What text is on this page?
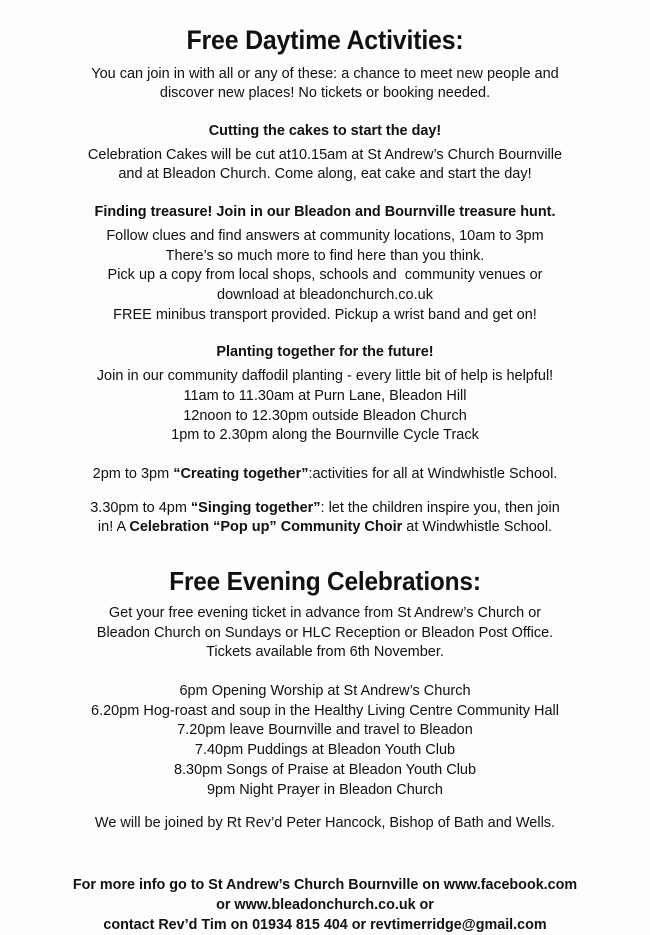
Free Daytime Activities:

You can join in with all or any of these: a chance to meet new people and

discover new places! No tickets or booking needed.

Cutting the cakes to start the day!

Celebration Cakes will be cut at10.15am at St Andrew’s Church Bournville

and at Bleadon Church. Come along, eat cake and start the day!

Finding treasure! Join in our Bleadon and Bournville treasure hunt.

Follow clues and find answers at community locations, 10am to 3pm

There’s so much more to find here than you think.

Pick up a copy from local shops, schools and  community venues or

download at bleadonchurch.co.uk

FREE minibus transport provided. Pickup a wrist band and get on!

Planting together for the future!

Join in our community daffodil planting - every little bit of help is helpful!

11am to 11.30am at Purn Lane, Bleadon Hill

12noon to 12.30pm outside Bleadon Church

1pm to 2.30pm along the Bournville Cycle Track

2pm to 3pm “Creating together”:activities for all at Windwhistle School.

3.30pm to 4pm “Singing together”: let the children inspire you, then join

in! A Celebration “Pop up” Community Choir at Windwhistle School.

Free Evening Celebrations:

Get your free evening ticket in advance from St Andrew’s Church or

Bleadon Church on Sundays or HLC Reception or Bleadon Post Office.

Tickets available from 6th November.

6pm Opening Worship at St Andrew’s Church

6.20pm Hog-roast and soup in the Healthy Living Centre Community Hall

7.20pm leave Bournville and travel to Bleadon

7.40pm Puddings at Bleadon Youth Club

8.30pm Songs of Praise at Bleadon Youth Club

9pm Night Prayer in Bleadon Church

We will be joined by Rt Rev’d Peter Hancock, Bishop of Bath and Wells.

For more info go to St Andrew’s Church Bournville on www.facebook.com

or www.bleadonchurch.co.uk or

contact Rev’d Tim on 01934 815 404 or revtimerridge@gmail.com
